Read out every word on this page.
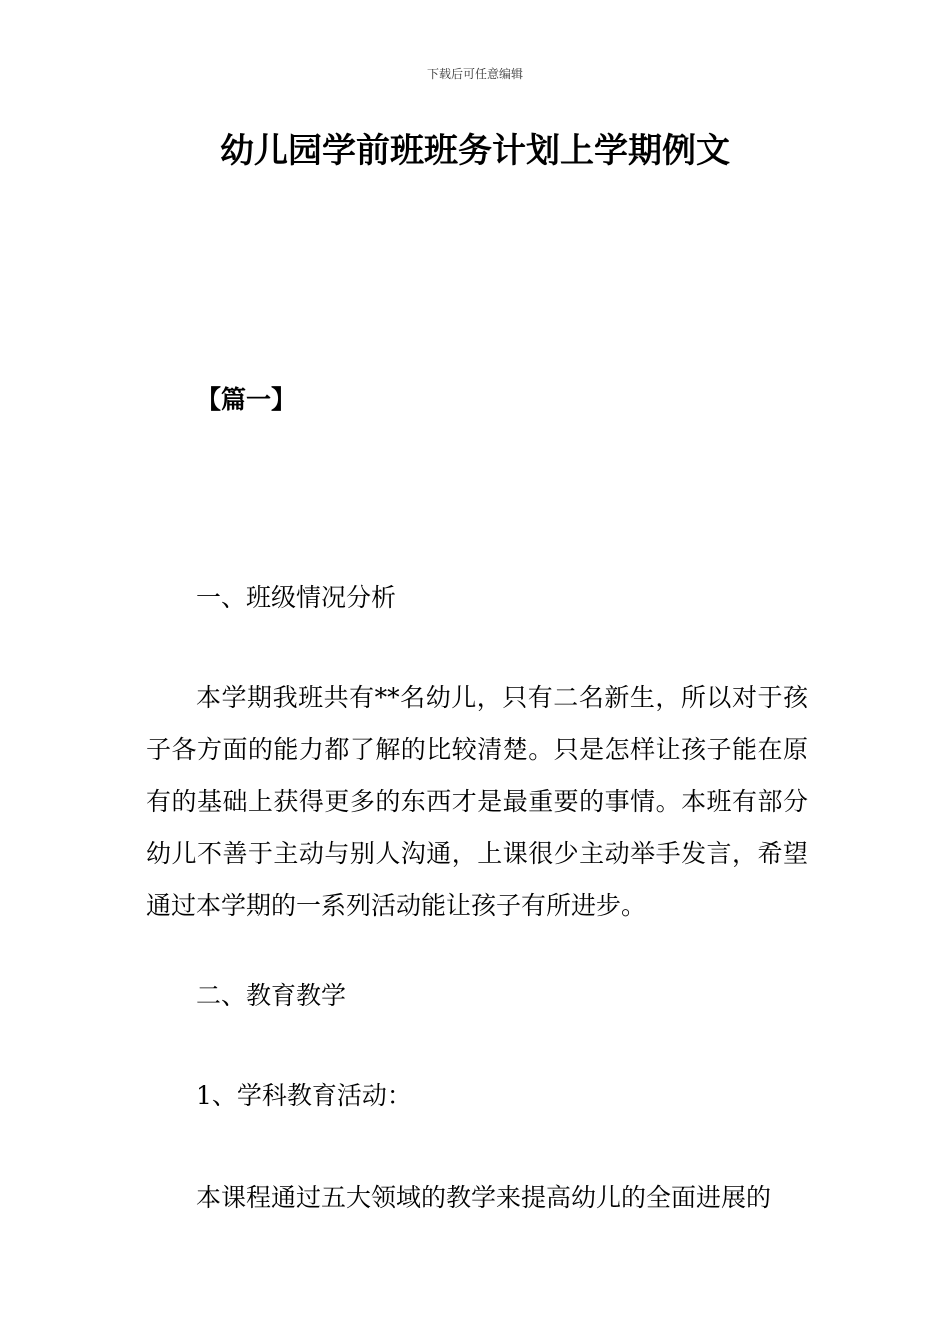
下载后可任意编辑
幼儿园学前班班务计划上学期例文
【篇一】
一、班级情况分析

本学期我班共有**名幼儿，只有二名新生，所以对于孩子各方面的能力都了解的比较清楚。只是怎样让孩子能在原有的基础上获得更多的东西才是最重要的事情。本班有部分幼儿不善于主动与别人沟通，上课很少主动举手发言，希望通过本学期的一系列活动能让孩子有所进步。

二、教育教学
1、学科教育活动：

本课程通过五大领域的教学来提高幼儿的全面进展的
